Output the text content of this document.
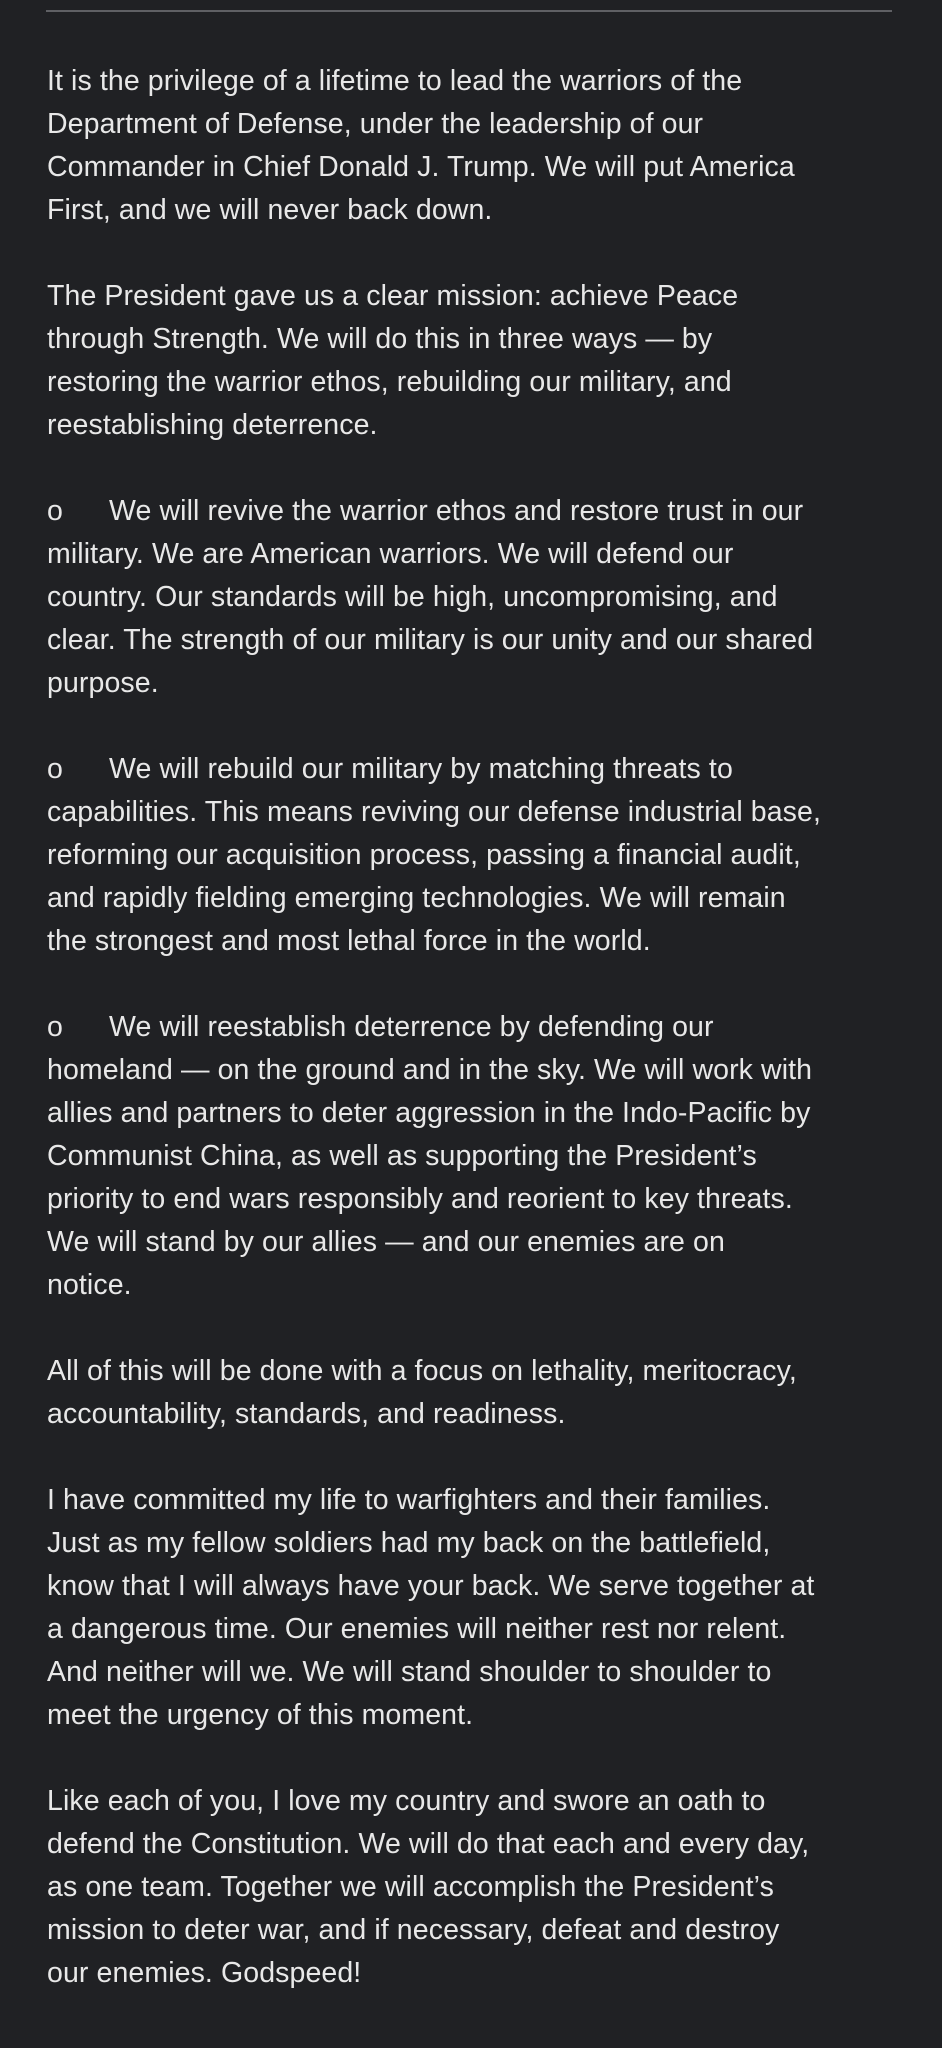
It is the privilege of a lifetime to lead the warriors of the
Department of Defense, under the leadership of our
Commander in Chief Donald J. Trump. We will put America
First, and we will never back down.

The President gave us a clear mission: achieve Peace
through Strength. We will do this in three ways — by
restoring the warrior ethos, rebuilding our military, and
reestablishing deterrence.

o We will revive the warrior ethos and restore trust in our
military. We are American warriors. We will defend our
country. Our standards will be high, uncompromising, and
clear. The strength of our military is our unity and our shared
purpose.

o We will rebuild our military by matching threats to
capabilities. This means reviving our defense industrial base,
reforming our acquisition process, passing a financial audit,
and rapidly fielding emerging technologies. We will remain
the strongest and most lethal force in the world.

o We will reestablish deterrence by defending our
homeland — on the ground and in the sky. We will work with
allies and partners to deter aggression in the Indo-Pacific by
Communist China, as well as supporting the President’s
priority to end wars responsibly and reorient to key threats.
We will stand by our allies — and our enemies are on
notice.

All of this will be done with a focus on lethality, meritocracy,
accountability, standards, and readiness.

I have committed my life to warfighters and their families.
Just as my fellow soldiers had my back on the battlefield,
know that I will always have your back. We serve together at
a dangerous time. Our enemies will neither rest nor relent.
And neither will we. We will stand shoulder to shoulder to
meet the urgency of this moment.

Like each of you, I love my country and swore an oath to
defend the Constitution. We will do that each and every day,
as one team. Together we will accomplish the President’s
mission to deter war, and if necessary, defeat and destroy
our enemies. Godspeed!
